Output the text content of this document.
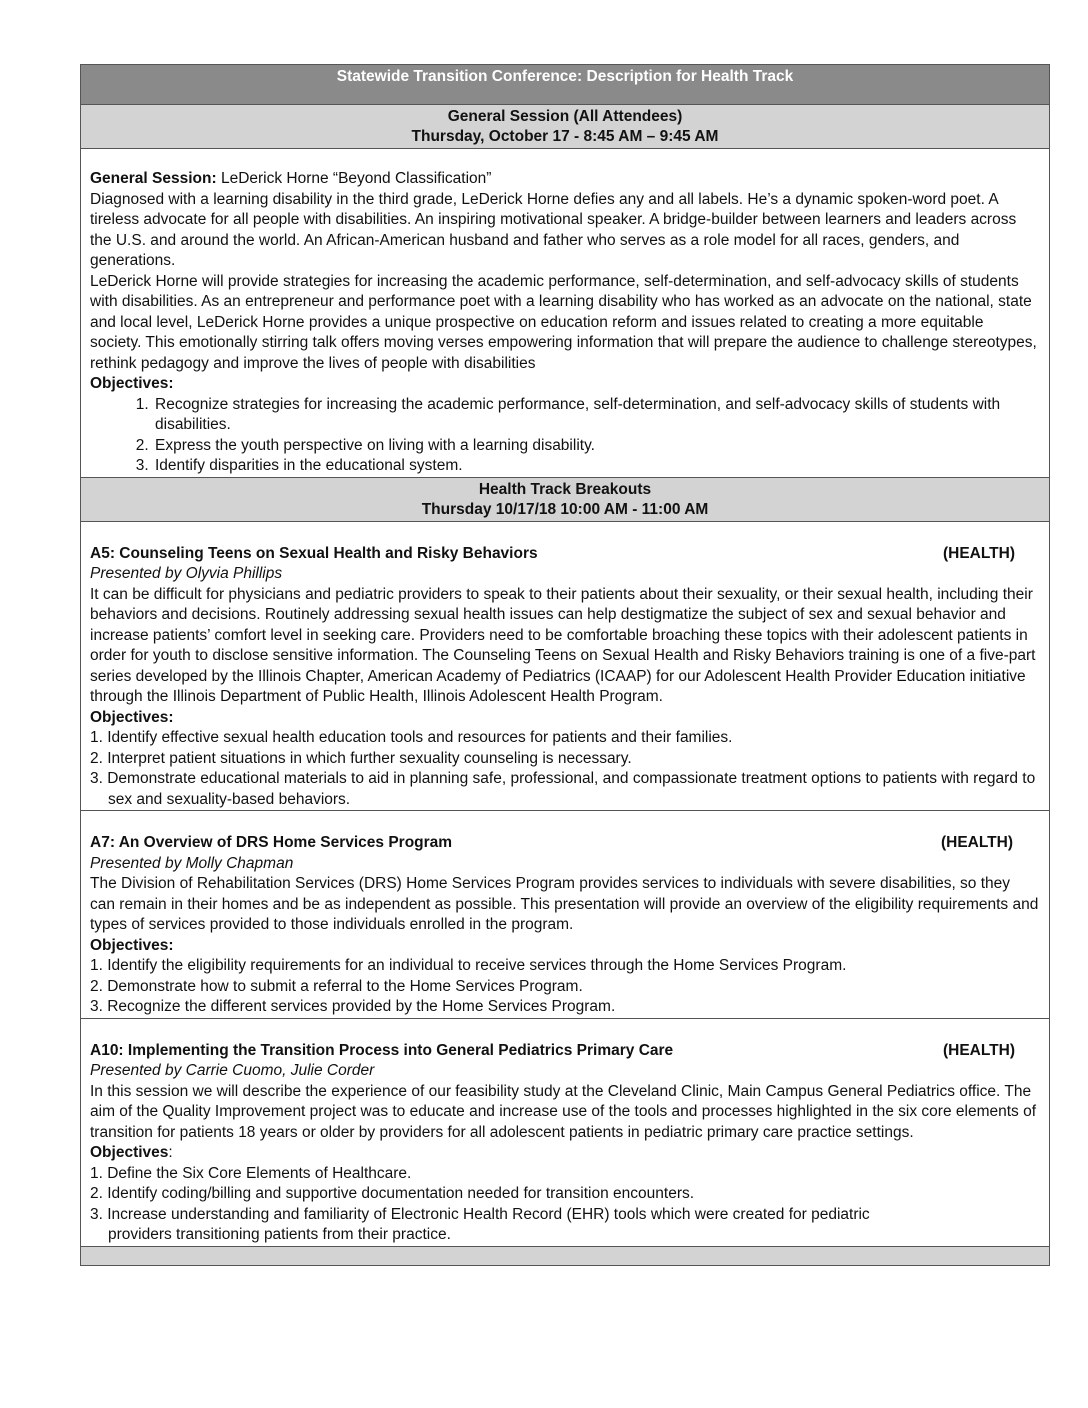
Statewide Transition Conference: Description for Health Track
General Session (All Attendees)
Thursday, October 17 - 8:45 AM – 9:45 AM

General Session: LeDerick Horne “Beyond Classification”

Diagnosed with a learning disability in the third grade, LeDerick Horne defies any and all labels. He’s a dynamic spoken-word poet. A tireless advocate for all people with disabilities. An inspiring motivational speaker. A bridge-builder between learners and leaders across the U.S. and around the world. An African-American husband and father who serves as a role model for all races, genders, and generations.

LeDerick Horne will provide strategies for increasing the academic performance, self-determination, and self-advocacy skills of students with disabilities. As an entrepreneur and performance poet with a learning disability who has worked as an advocate on the national, state and local level, LeDerick Horne provides a unique prospective on education reform and issues related to creating a more equitable society. This emotionally stirring talk offers moving verses empowering information that will prepare the audience to challenge stereotypes, rethink pedagogy and improve the lives of people with disabilities

Objectives:

1. Recognize strategies for increasing the academic performance, self-determination, and self-advocacy skills of students with disabilities.
2. Express the youth perspective on living with a learning disability.
3. Identify disparities in the educational system.
Health Track Breakouts
Thursday 10/17/18 10:00 AM - 11:00 AM
A5: Counseling Teens on Sexual Health and Risky Behaviors	(HEALTH)

Presented by Olyvia Phillips

It can be difficult for physicians and pediatric providers to speak to their patients about their sexuality, or their sexual health, including their behaviors and decisions. Routinely addressing sexual health issues can help destigmatize the subject of sex and sexual behavior and increase patients’ comfort level in seeking care. Providers need to be comfortable broaching these topics with their adolescent patients in order for youth to disclose sensitive information. The Counseling Teens on Sexual Health and Risky Behaviors training is one of a five-part series developed by the Illinois Chapter, American Academy of Pediatrics (ICAAP) for our Adolescent Health Provider Education initiative through the Illinois Department of Public Health, Illinois Adolescent Health Program.

Objectives:

1. Identify effective sexual health education tools and resources for patients and their families.
2. Interpret patient situations in which further sexuality counseling is necessary.
3. Demonstrate educational materials to aid in planning safe, professional, and compassionate treatment options to patients with regard to sex and sexuality-based behaviors.
A7: An Overview of DRS Home Services Program	(HEALTH)

Presented by Molly Chapman

The Division of Rehabilitation Services (DRS) Home Services Program provides services to individuals with severe disabilities, so they can remain in their homes and be as independent as possible. This presentation will provide an overview of the eligibility requirements and types of services provided to those individuals enrolled in the program.

Objectives:

1. Identify the eligibility requirements for an individual to receive services through the Home Services Program.
2. Demonstrate how to submit a referral to the Home Services Program.
3. Recognize the different services provided by the Home Services Program.
A10: Implementing the Transition Process into General Pediatrics Primary Care	(HEALTH)

Presented by Carrie Cuomo, Julie Corder

In this session we will describe the experience of our feasibility study at the Cleveland Clinic, Main Campus General Pediatrics office. The aim of the Quality Improvement project was to educate and increase use of the tools and processes highlighted in the six core elements of transition for patients 18 years or older by providers for all adolescent patients in pediatric primary care practice settings.

Objectives:

1. Define the Six Core Elements of Healthcare.
2. Identify coding/billing and supportive documentation needed for transition encounters.
3. Increase understanding and familiarity of Electronic Health Record (EHR) tools which were created for pediatric providers transitioning patients from their practice.
